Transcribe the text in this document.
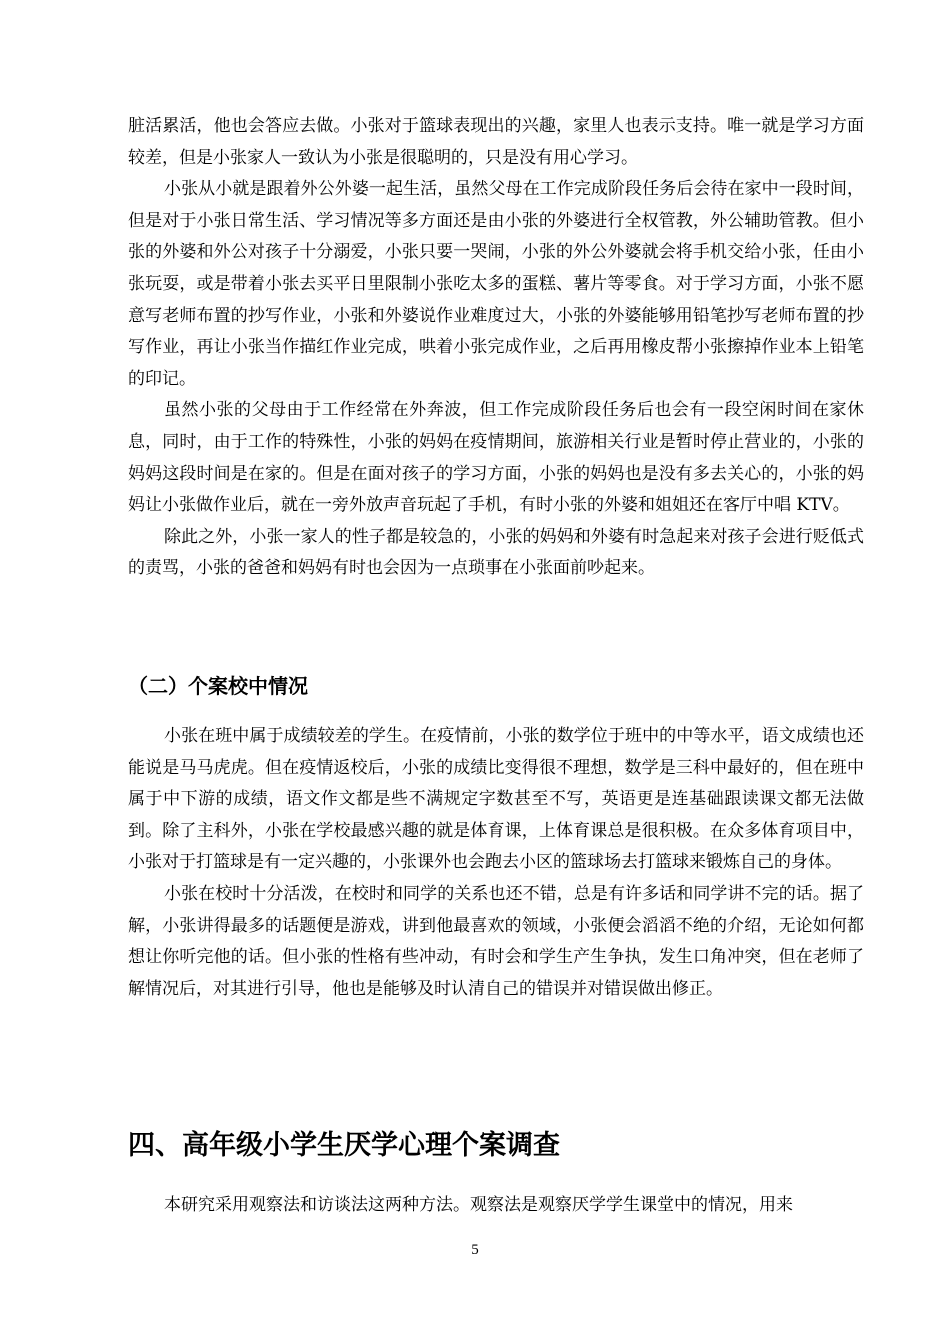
脏活累活，他也会答应去做。小张对于篮球表现出的兴趣，家里人也表示支持。唯一就是学习方面较差，但是小张家人一致认为小张是很聪明的，只是没有用心学习。

小张从小就是跟着外公外婆一起生活，虽然父母在工作完成阶段任务后会待在家中一段时间，但是对于小张日常生活、学习情况等多方面还是由小张的外婆进行全权管教，外公辅助管教。但小张的外婆和外公对孩子十分溺爱，小张只要一哭闹，小张的外公外婆就会将手机交给小张，任由小张玩耍，或是带着小张去买平日里限制小张吃太多的蛋糕、薯片等零食。对于学习方面，小张不愿意写老师布置的抄写作业，小张和外婆说作业难度过大，小张的外婆能够用铅笔抄写老师布置的抄写作业，再让小张当作描红作业完成，哄着小张完成作业，之后再用橡皮帮小张擦掉作业本上铅笔的印记。

虽然小张的父母由于工作经常在外奔波，但工作完成阶段任务后也会有一段空闲时间在家休息，同时，由于工作的特殊性，小张的妈妈在疫情期间，旅游相关行业是暂时停止营业的，小张的妈妈这段时间是在家的。但是在面对孩子的学习方面，小张的妈妈也是没有多去关心的，小张的妈妈让小张做作业后，就在一旁外放声音玩起了手机，有时小张的外婆和姐姐还在客厅中唱 KTV。

除此之外，小张一家人的性子都是较急的，小张的妈妈和外婆有时急起来对孩子会进行贬低式的责骂，小张的爸爸和妈妈有时也会因为一点琐事在小张面前吵起来。

（二）个案校中情况

小张在班中属于成绩较差的学生。在疫情前，小张的数学位于班中的中等水平，语文成绩也还能说是马马虎虎。但在疫情返校后，小张的成绩比变得很不理想，数学是三科中最好的，但在班中属于中下游的成绩，语文作文都是些不满规定字数甚至不写，英语更是连基础跟读课文都无法做到。除了主科外，小张在学校最感兴趣的就是体育课，上体育课总是很积极。在众多体育项目中，小张对于打篮球是有一定兴趣的，小张课外也会跑去小区的篮球场去打篮球来锻炼自己的身体。

小张在校时十分活泼，在校时和同学的关系也还不错，总是有许多话和同学讲不完的话。据了解，小张讲得最多的话题便是游戏，讲到他最喜欢的领域，小张便会滔滔不绝的介绍，无论如何都想让你听完他的话。但小张的性格有些冲动，有时会和学生产生争执，发生口角冲突，但在老师了解情况后，对其进行引导，他也是能够及时认清自己的错误并对错误做出修正。

四、高年级小学生厌学心理个案调查

本研究采用观察法和访谈法这两种方法。观察法是观察厌学学生课堂中的情况，用来

5
